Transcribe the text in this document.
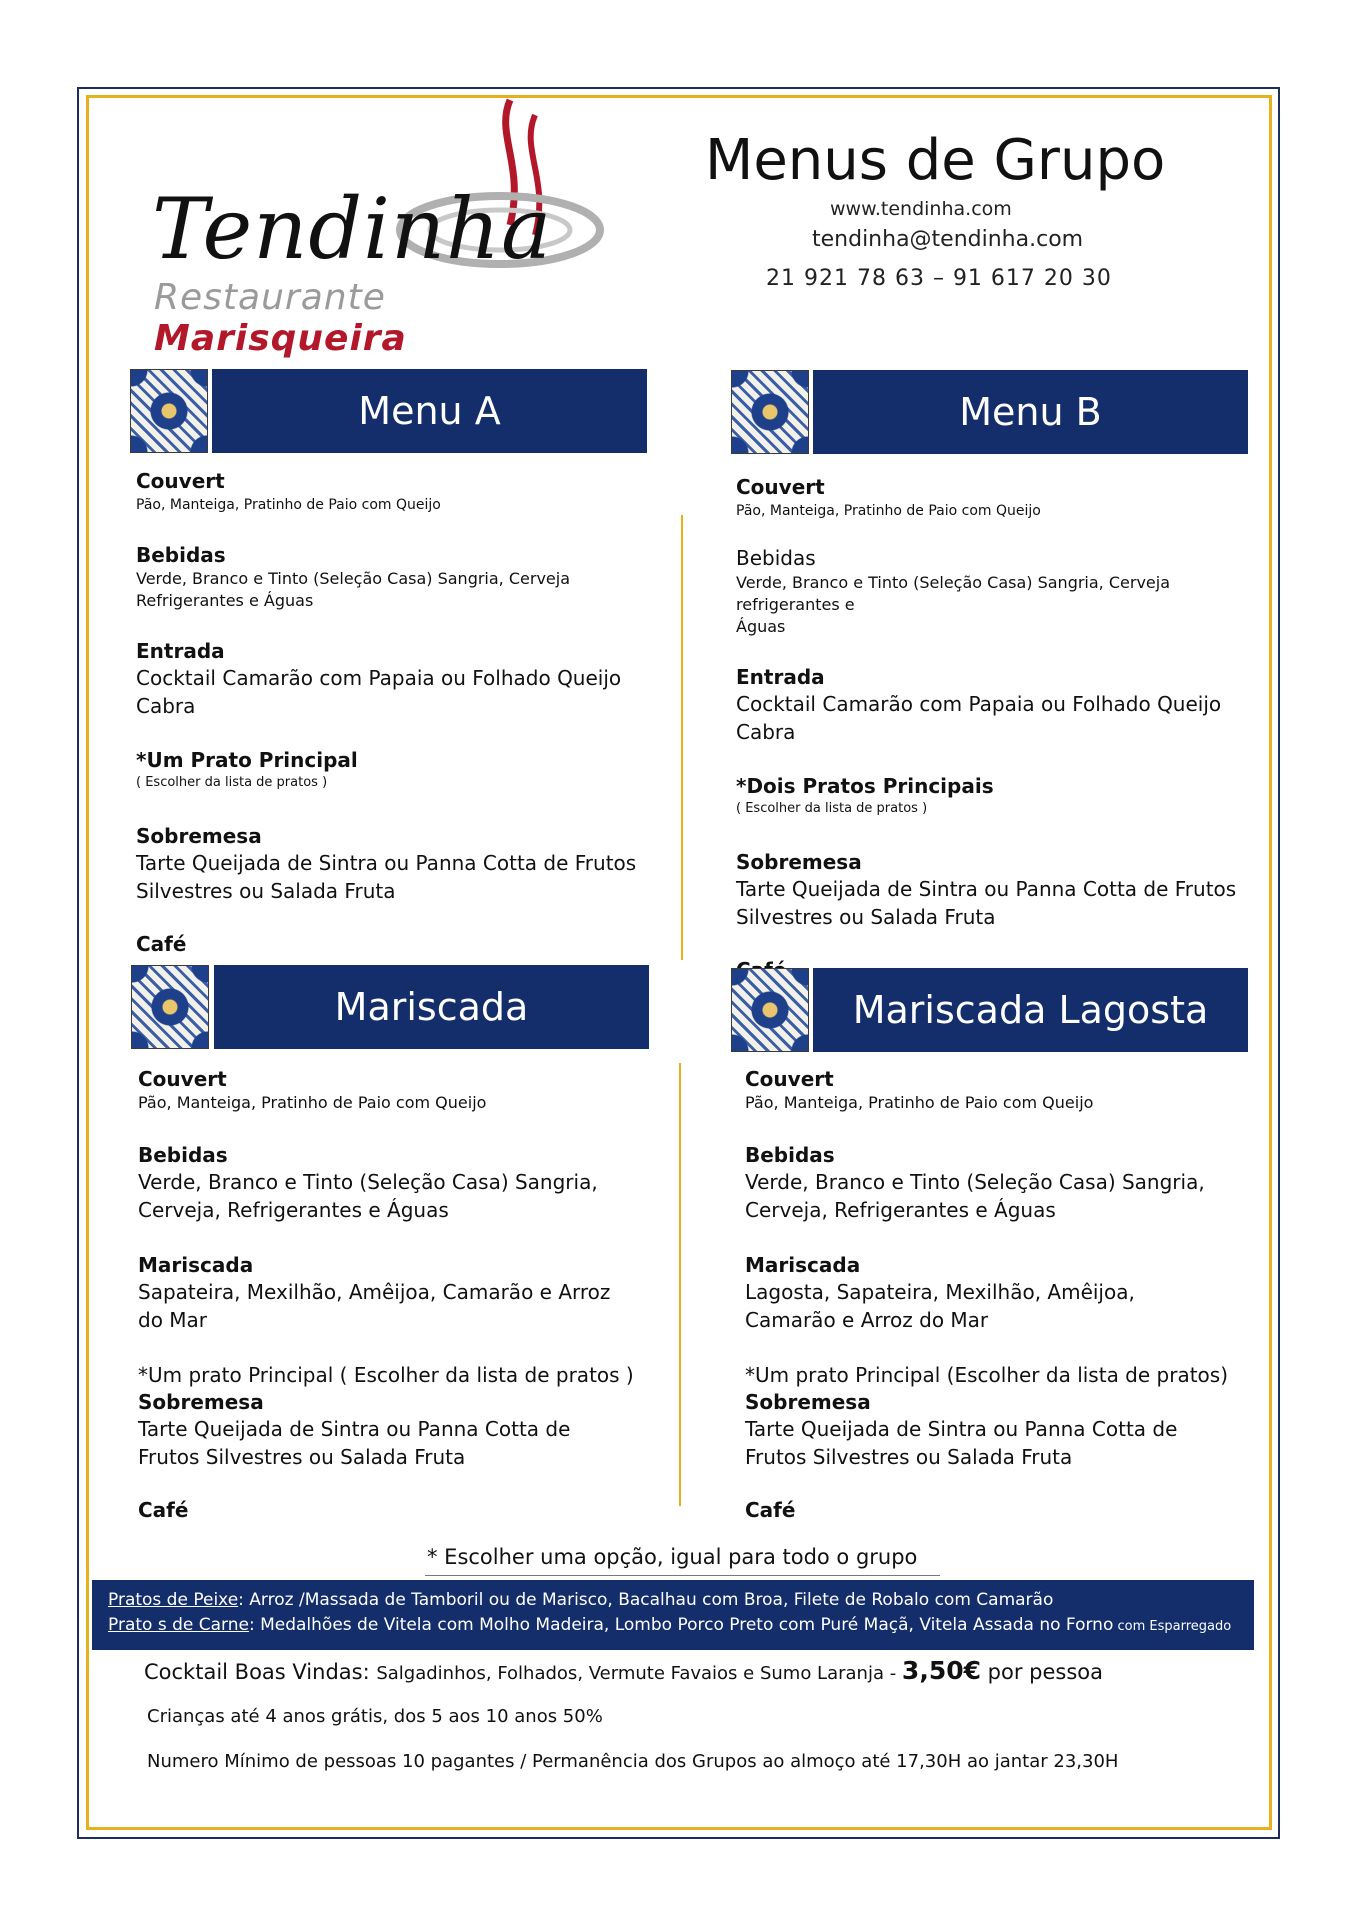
Tendinha
Restaurante Marisqueira
Menus de Grupo
www.tendinha.com
tendinha@tendinha.com
21 921 78 63 – 91 617 20 30
Menu A
Couvert
Pão, Manteiga, Pratinho de Paio com Queijo
Bebidas
Verde, Branco e Tinto (Seleção Casa) Sangria, Cerveja
Refrigerantes e Águas
Entrada
Cocktail Camarão com Papaia ou Folhado Queijo Cabra
*Um Prato Principal
( Escolher da lista de pratos )
Sobremesa
Tarte Queijada de Sintra ou Panna Cotta de Frutos
Silvestres ou Salada Fruta
Café
Menu B
Couvert
Pão, Manteiga, Pratinho de Paio com Queijo
Bebidas
Verde, Branco e Tinto (Seleção Casa) Sangria, Cerveja refrigerantes e
Águas
Entrada
Cocktail Camarão com Papaia ou Folhado Queijo Cabra
*Dois Pratos Principais
( Escolher da lista de pratos )
Sobremesa
Tarte Queijada de Sintra ou Panna Cotta de Frutos
Silvestres ou Salada Fruta
Mariscada
Couvert
Pão, Manteiga, Pratinho de Paio com Queijo
Bebidas
Verde, Branco e Tinto (Seleção Casa) Sangria,
Cerveja, Refrigerantes e Águas
Mariscada
Sapateira, Mexilhão, Amêijoa, Camarão e Arroz
do Mar
*Um prato Principal ( Escolher da lista de pratos )
Sobremesa
Tarte Queijada de Sintra ou Panna Cotta de
Frutos Silvestres ou Salada Fruta
Café
Mariscada Lagosta
Couvert
Pão, Manteiga, Pratinho de Paio com Queijo
Bebidas
Verde, Branco e Tinto (Seleção Casa) Sangria,
Cerveja, Refrigerantes e Águas
Mariscada
Lagosta, Sapateira, Mexilhão, Amêijoa,
Camarão e Arroz do Mar
*Um prato Principal (Escolher da lista de pratos)
Sobremesa
Tarte Queijada de Sintra ou Panna Cotta de
Frutos Silvestres ou Salada Fruta
Café
* Escolher uma opção, igual para todo o grupo
Pratos de Peixe: Arroz /Massada de Tamboril ou de Marisco, Bacalhau com Broa, Filete de Robalo com Camarão
Prato s de Carne: Medalhões de Vitela com Molho Madeira, Lombo Porco Preto com Puré Maçã, Vitela Assada no Forno com Esparregado
Cocktail Boas Vindas: Salgadinhos, Folhados, Vermute Favaios e Sumo Laranja - 3,50€ por pessoa
Crianças até 4 anos grátis, dos 5 aos 10 anos 50%
Numero Mínimo de pessoas 10 pagantes / Permanência dos Grupos ao almoço até 17,30H ao jantar 23,30H
